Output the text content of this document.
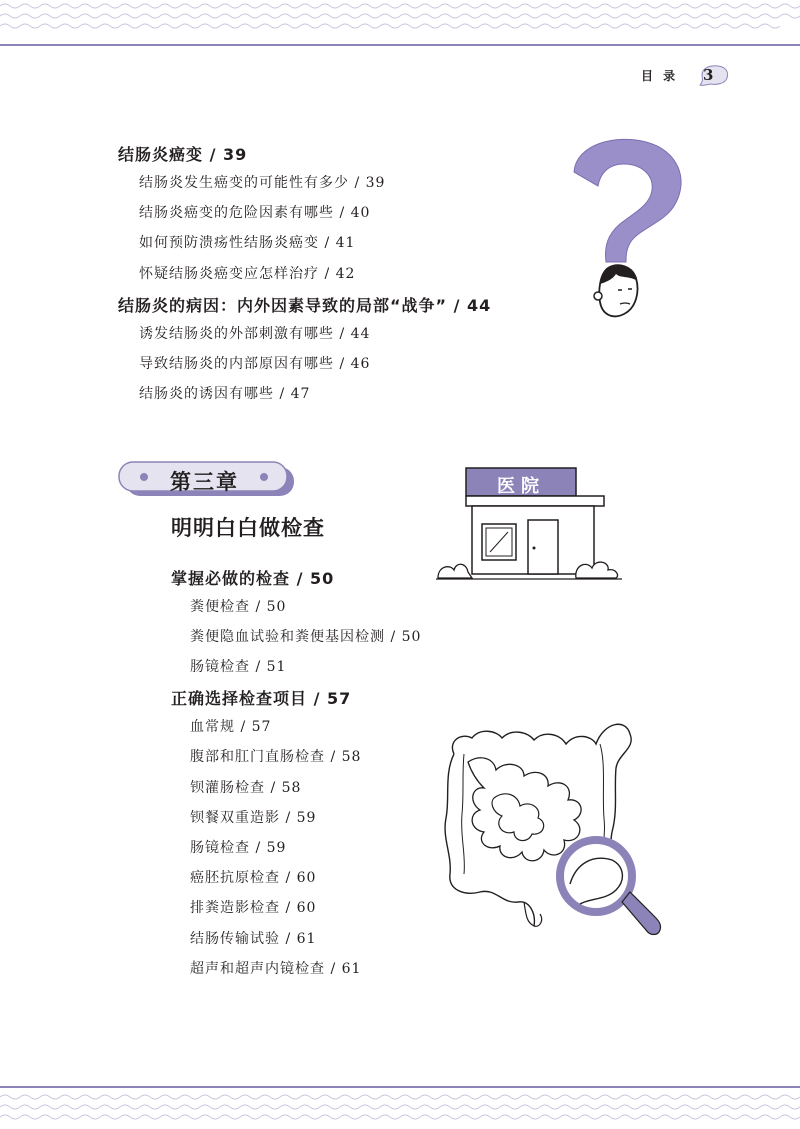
目 录 3
结肠炎癌变 / 39
结肠炎发生癌变的可能性有多少 / 39
结肠炎癌变的危险因素有哪些 / 40
如何预防溃疡性结肠炎癌变 / 41
怀疑结肠炎癌变应怎样治疗 / 42
结肠炎的病因：内外因素导致的局部“战争” / 44
诱发结肠炎的外部刺激有哪些 / 44
导致结肠炎的内部原因有哪些 / 46
结肠炎的诱因有哪些 / 47
第三章
明明白白做检查
医院
掌握必做的检查 / 50
粪便检查 / 50
粪便隐血试验和粪便基因检测 / 50
肠镜检查 / 51
正确选择检查项目 / 57
血常规 / 57
腹部和肛门直肠检查 / 58
钡灌肠检查 / 58
钡餐双重造影 / 59
肠镜检查 / 59
癌胚抗原检查 / 60
排粪造影检查 / 60
结肠传输试验 / 61
超声和超声内镜检查 / 61
